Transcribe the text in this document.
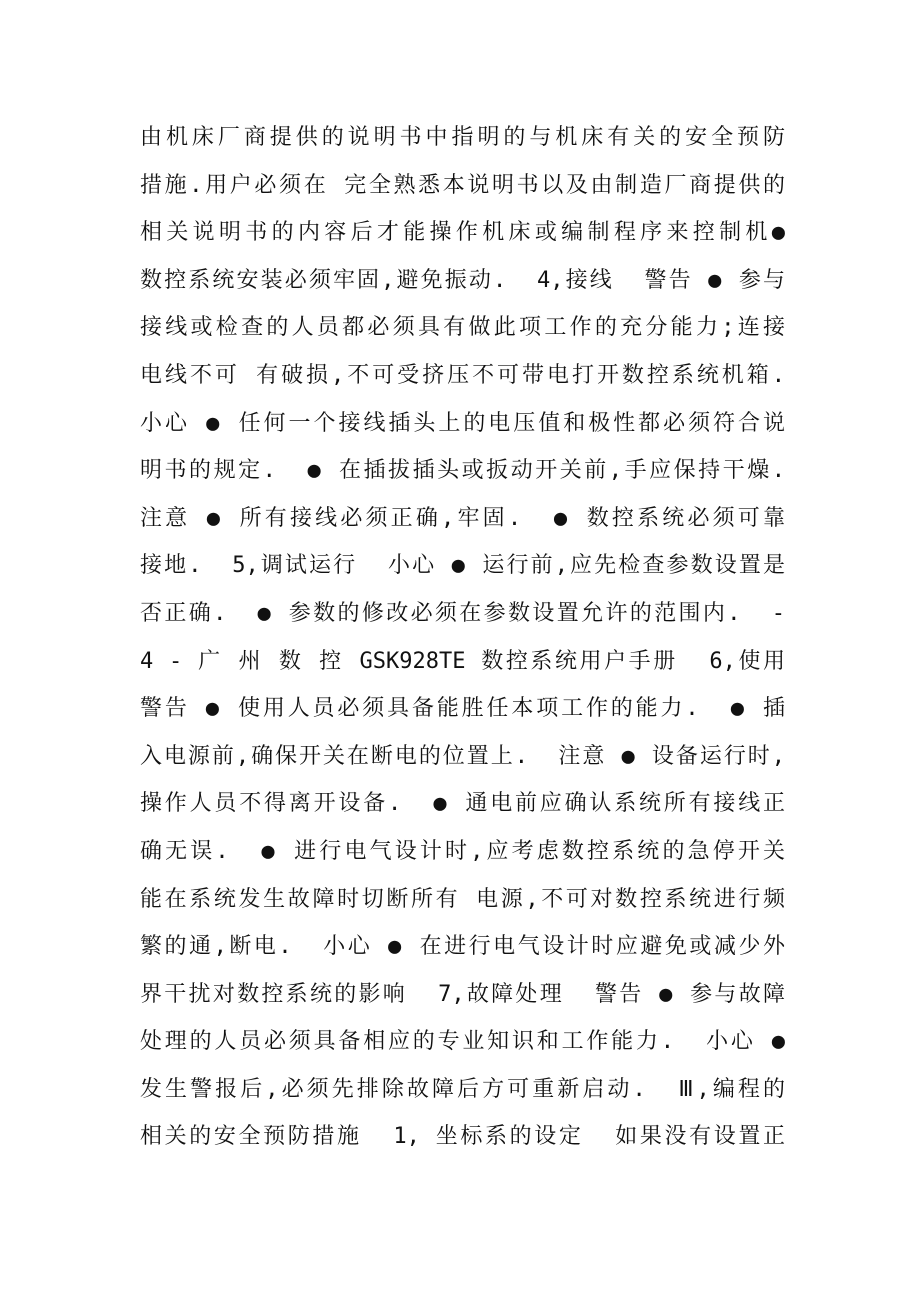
由机床厂商提供的说明书中指明的与机床有关的安全预防
措施.用户必须在 完全熟悉本说明书以及由制造厂商提供的
相关说明书的内容后才能操作机床或编制程序来控制机●
数控系统安装必须牢固,避免振动.  4,接线  警告 ● 参与
接线或检查的人员都必须具有做此项工作的充分能力;连接
电线不可 有破损,不可受挤压不可带电打开数控系统机箱.
小心 ● 任何一个接线插头上的电压值和极性都必须符合说
明书的规定.  ● 在插拔插头或扳动开关前,手应保持干燥.
注意 ● 所有接线必须正确,牢固.  ● 数控系统必须可靠
接地.  5,调试运行  小心 ● 运行前,应先检查参数设置是
否正确.  ● 参数的修改必须在参数设置允许的范围内.  -
4 - 广 州 数 控 GSK928TE 数控系统用户手册  6,使用
警告 ● 使用人员必须具备能胜任本项工作的能力.  ● 插
入电源前,确保开关在断电的位置上.  注意 ● 设备运行时,
操作人员不得离开设备.  ● 通电前应确认系统所有接线正
确无误.  ● 进行电气设计时,应考虑数控系统的急停开关
能在系统发生故障时切断所有 电源,不可对数控系统进行频
繁的通,断电.  小心 ● 在进行电气设计时应避免或减少外
界干扰对数控系统的影响  7,故障处理  警告 ● 参与故障
处理的人员必须具备相应的专业知识和工作能力.  小心 ●
发生警报后,必须先排除故障后方可重新启动.  Ⅲ,编程的
相关的安全预防措施  1, 坐标系的设定  如果没有设置正
